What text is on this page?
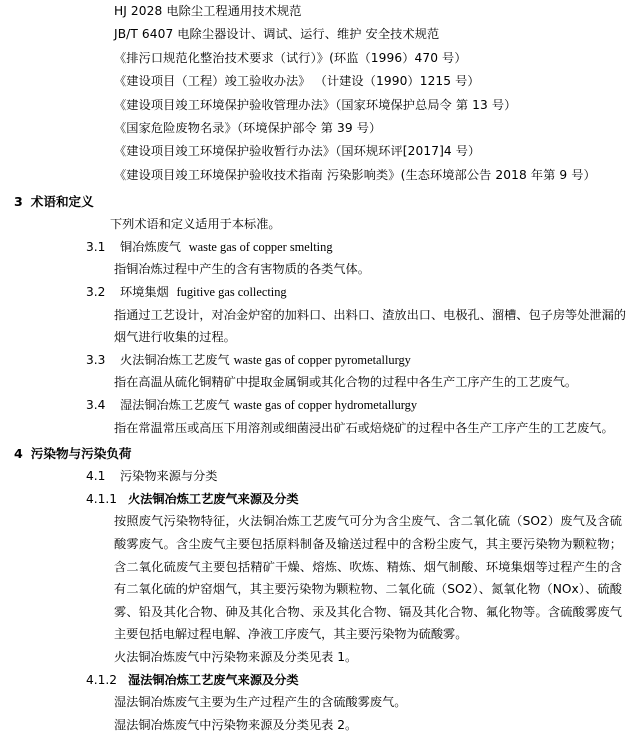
HJ 2028 电除尘工程通用技术规范
JB/T 6407 电除尘器设计、调试、运行、维护 安全技术规范
《排污口规范化整治技术要求（试行）》(环监（1996）470 号）
《建设项目（工程）竣工验收办法》 （计建设（1990）1215 号）
《建设项目竣工环境保护验收管理办法》（国家环境保护总局令 第 13 号）
《国家危险废物名录》（环境保护部令 第 39 号）
《建设项目竣工环境保护验收暂行办法》（国环规环评[2017]4 号）
《建设项目竣工环境保护验收技术指南 污染影响类》(生态环境部公告 2018 年第 9 号）
3 术语和定义
下列术语和定义适用于本标准。
3.1 铜冶炼废气 waste gas of copper smelting
指铜冶炼过程中产生的含有害物质的各类气体。
3.2 环境集烟 fugitive gas collecting
指通过工艺设计，对冶金炉窑的加料口、出料口、渣放出口、电极孔、溜槽、包子房等处泄漏的烟气进行收集的过程。
3.3 火法铜冶炼工艺废气 waste gas of copper pyrometallurgy
指在高温从硫化铜精矿中提取金属铜或其化合物的过程中各生产工序产生的工艺废气。
3.4 湿法铜冶炼工艺废气 waste gas of copper hydrometallurgy
指在常温常压或高压下用溶剂或细菌浸出矿石或焙烧矿的过程中各生产工序产生的工艺废气。
4 污染物与污染负荷
4.1 污染物来源与分类
4.1.1 火法铜冶炼工艺废气来源及分类
按照废气污染物特征，火法铜冶炼工艺废气可分为含尘废气、含二氧化硫（SO2）废气及含硫酸雾废气。含尘废气主要包括原料制备及输送过程中的含粉尘废气，其主要污染物为颗粒物；含二氧化硫废气主要包括精矿干燥、熔炼、吹炼、精炼、烟气制酸、环境集烟等过程产生的含有二氧化硫的炉窑烟气，其主要污染物为颗粒物、二氧化硫（SO2）、氮氧化物（NOx）、硫酸雾、铅及其化合物、砷及其化合物、汞及其化合物、镉及其化合物、氟化物等。含硫酸雾废气主要包括电解过程电解、净液工序废气，其主要污染物为硫酸雾。
火法铜冶炼废气中污染物来源及分类见表 1。
4.1.2 湿法铜冶炼工艺废气来源及分类
湿法铜冶炼废气主要为生产过程产生的含硫酸雾废气。
湿法铜冶炼废气中污染物来源及分类见表 2。
